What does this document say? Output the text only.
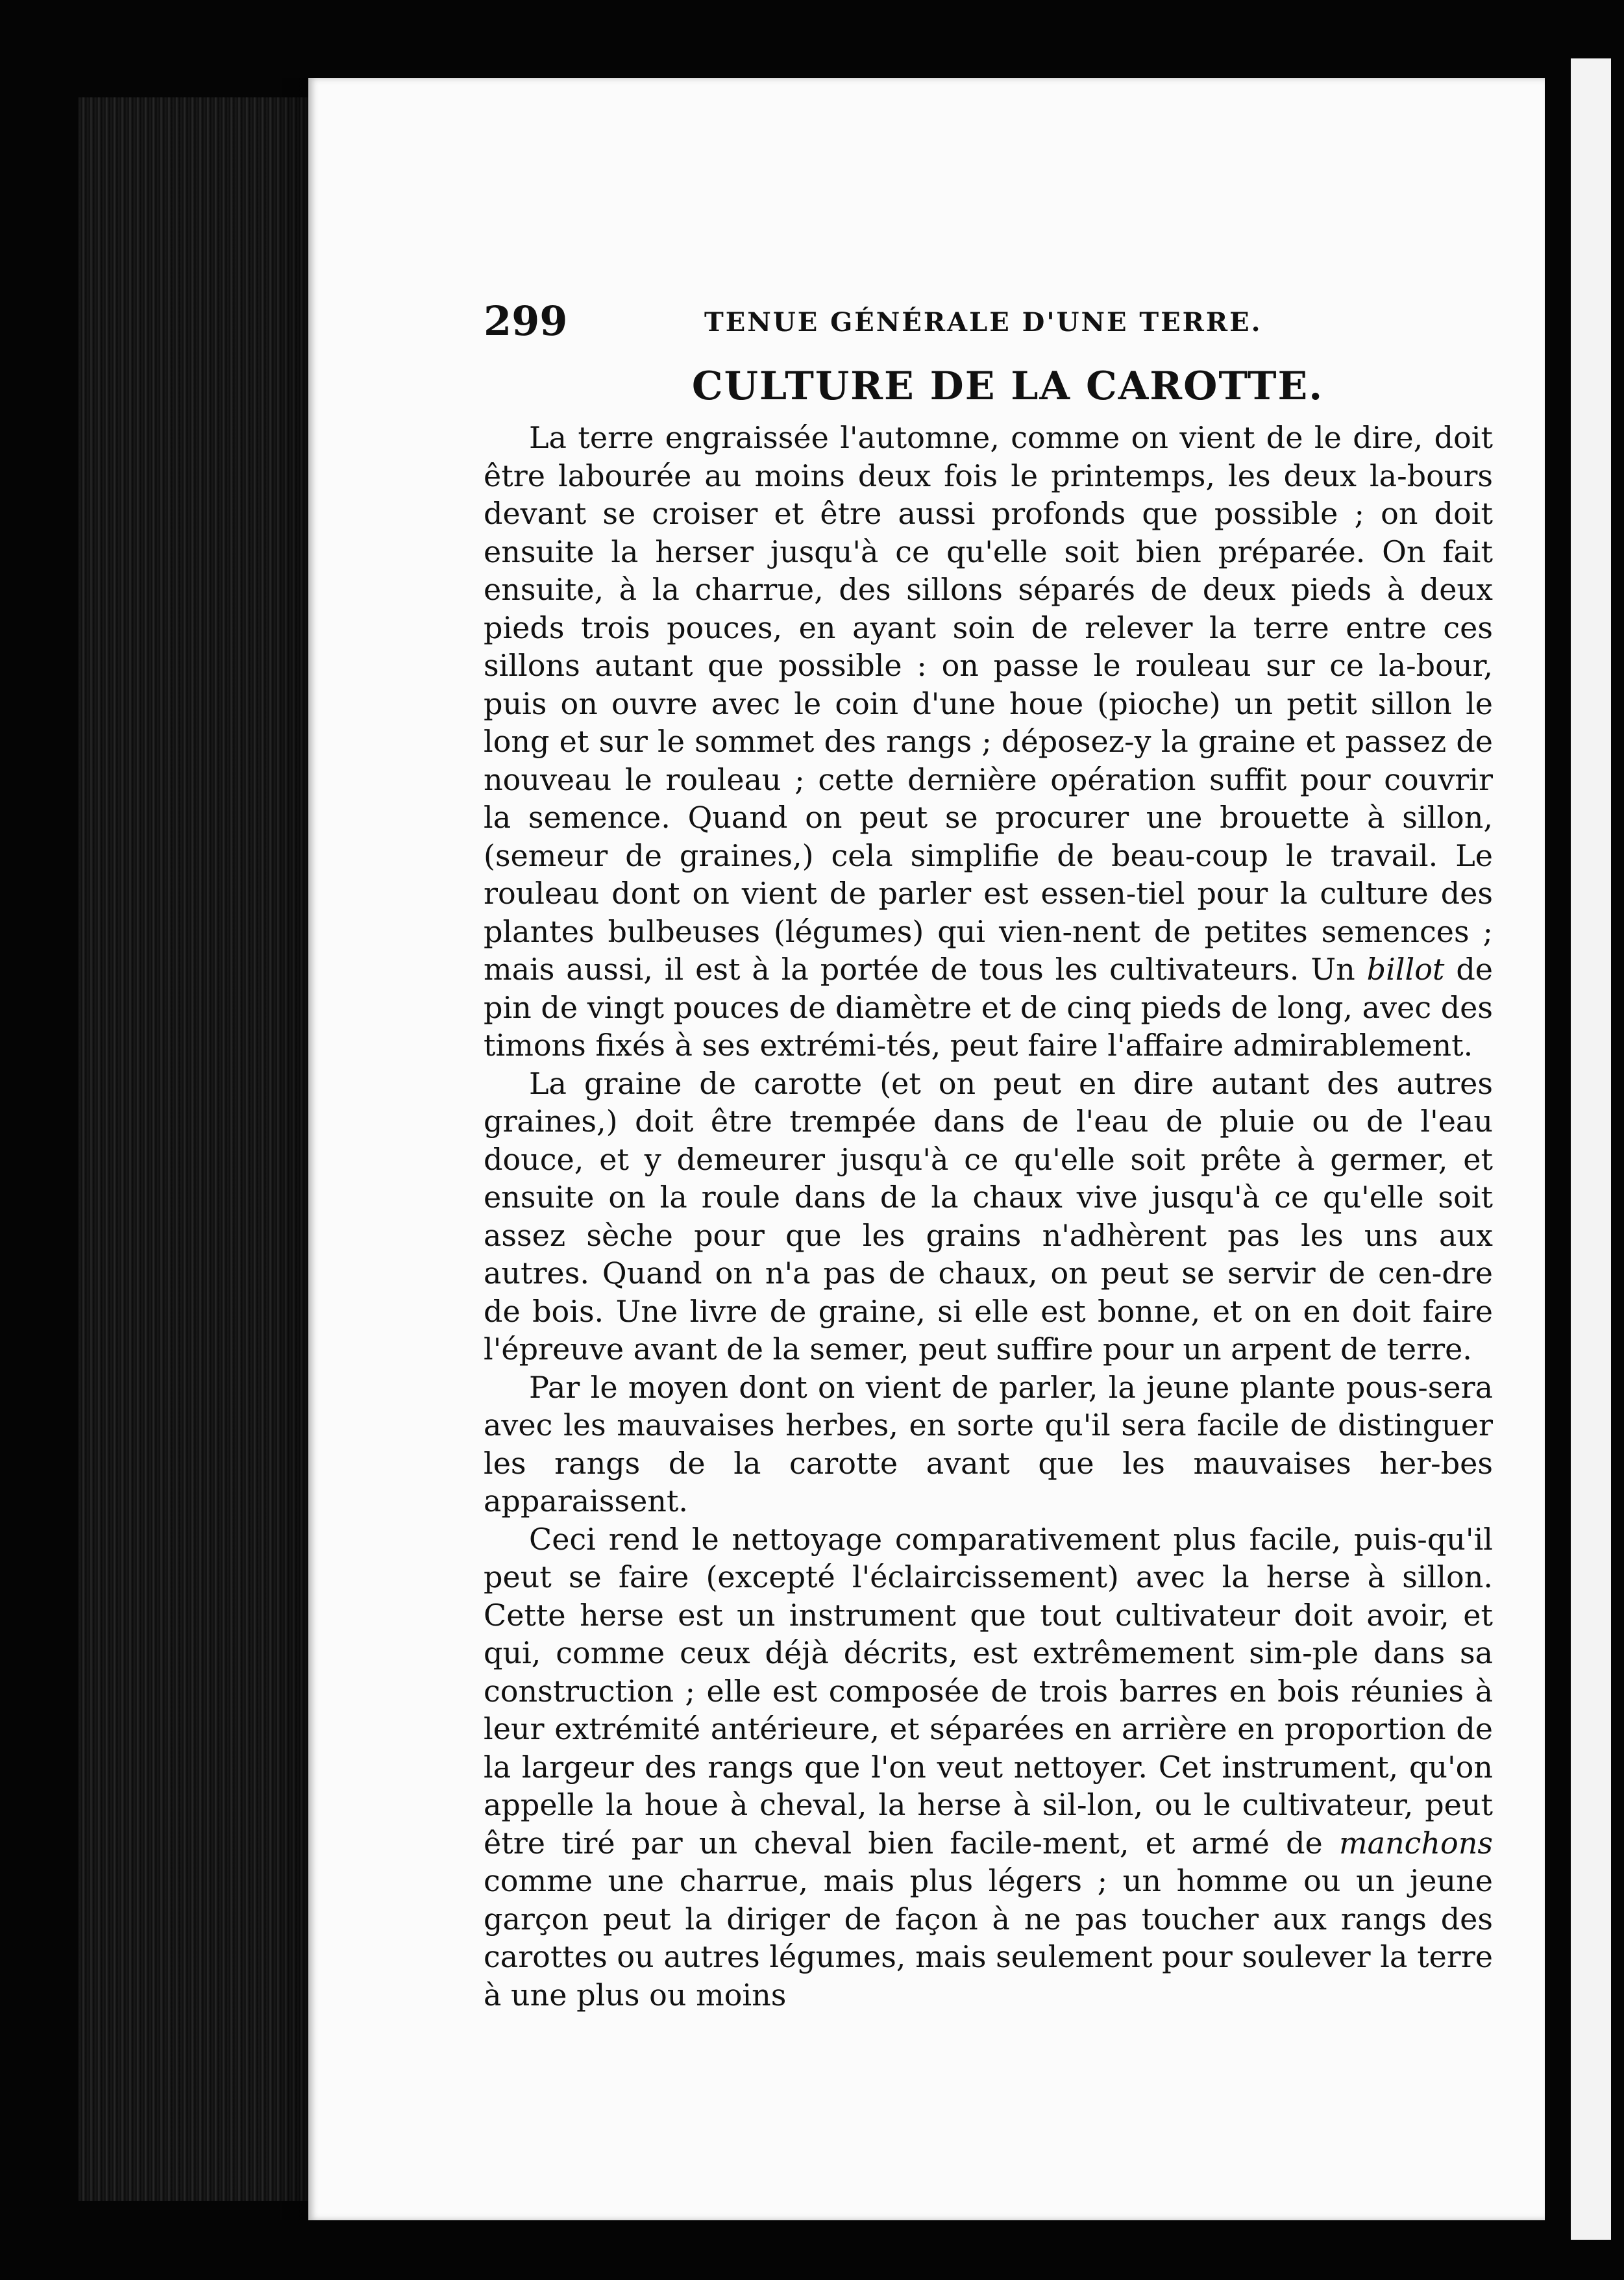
299	TENUE GÉNÉRALE D'UNE TERRE.
CULTURE DE LA CAROTTE.

La terre engraissée l'automne, comme on vient de le dire, doit être labourée au moins deux fois le printemps, les deux la-bours devant se croiser et être aussi profonds que possible ; on doit ensuite la herser jusqu'à ce qu'elle soit bien préparée. On fait ensuite, à la charrue, des sillons séparés de deux pieds à deux pieds trois pouces, en ayant soin de relever la terre entre ces sillons autant que possible : on passe le rouleau sur ce la-bour, puis on ouvre avec le coin d'une houe (pioche) un petit sillon le long et sur le sommet des rangs ; déposez-y la graine et passez de nouveau le rouleau ; cette dernière opération suffit pour couvrir la semence. Quand on peut se procurer une brouette à sillon, (semeur de graines,) cela simplifie de beau-coup le travail. Le rouleau dont on vient de parler est essen-tiel pour la culture des plantes bulbeuses (légumes) qui vien-nent de petites semences ; mais aussi, il est à la portée de tous les cultivateurs. Un billot de pin de vingt pouces de diamètre et de cinq pieds de long, avec des timons fixés à ses extrémi-tés, peut faire l'affaire admirablement.

La graine de carotte (et on peut en dire autant des autres graines,) doit être trempée dans de l'eau de pluie ou de l'eau douce, et y demeurer jusqu'à ce qu'elle soit prête à germer, et ensuite on la roule dans de la chaux vive jusqu'à ce qu'elle soit assez sèche pour que les grains n'adhèrent pas les uns aux autres. Quand on n'a pas de chaux, on peut se servir de cen-dre de bois. Une livre de graine, si elle est bonne, et on en doit faire l'épreuve avant de la semer, peut suffire pour un arpent de terre.

Par le moyen dont on vient de parler, la jeune plante pous-sera avec les mauvaises herbes, en sorte qu'il sera facile de distinguer les rangs de la carotte avant que les mauvaises her-bes apparaissent.

Ceci rend le nettoyage comparativement plus facile, puis-qu'il peut se faire (excepté l'éclaircissement) avec la herse à sillon. Cette herse est un instrument que tout cultivateur doit avoir, et qui, comme ceux déjà décrits, est extrêmement sim-ple dans sa construction ; elle est composée de trois barres en bois réunies à leur extrémité antérieure, et séparées en arrière en proportion de la largeur des rangs que l'on veut nettoyer. Cet instrument, qu'on appelle la houe à cheval, la herse à sil-lon, ou le cultivateur, peut être tiré par un cheval bien facile-ment, et armé de manchons comme une charrue, mais plus légers ; un homme ou un jeune garçon peut la diriger de façon à ne pas toucher aux rangs des carottes ou autres légumes, mais seulement pour soulever la terre à une plus ou moins
